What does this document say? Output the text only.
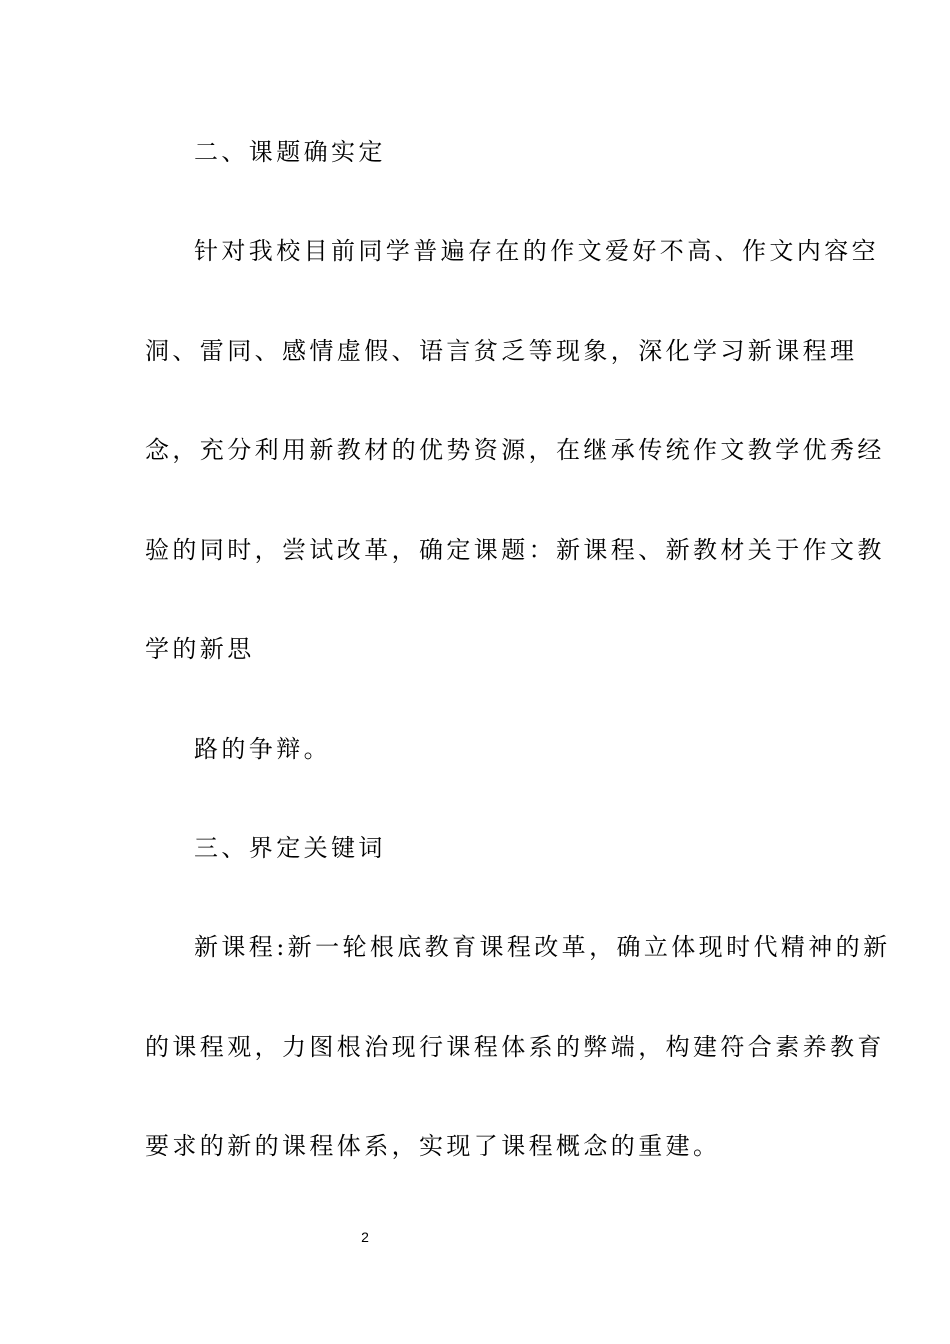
二、课题确实定
针对我校目前同学普遍存在的作文爱好不高、作文内容空
洞、雷同、感情虚假、语言贫乏等现象，深化学习新课程理
念，充分利用新教材的优势资源，在继承传统作文教学优秀经
验的同时，尝试改革，确定课题：新课程、新教材关于作文教
学的新思
路的争辩。
三、界定关键词
新课程:新一轮根底教育课程改革，确立体现时代精神的新
的课程观，力图根治现行课程体系的弊端，构建符合素养教育
要求的新的课程体系，实现了课程概念的重建。
2
